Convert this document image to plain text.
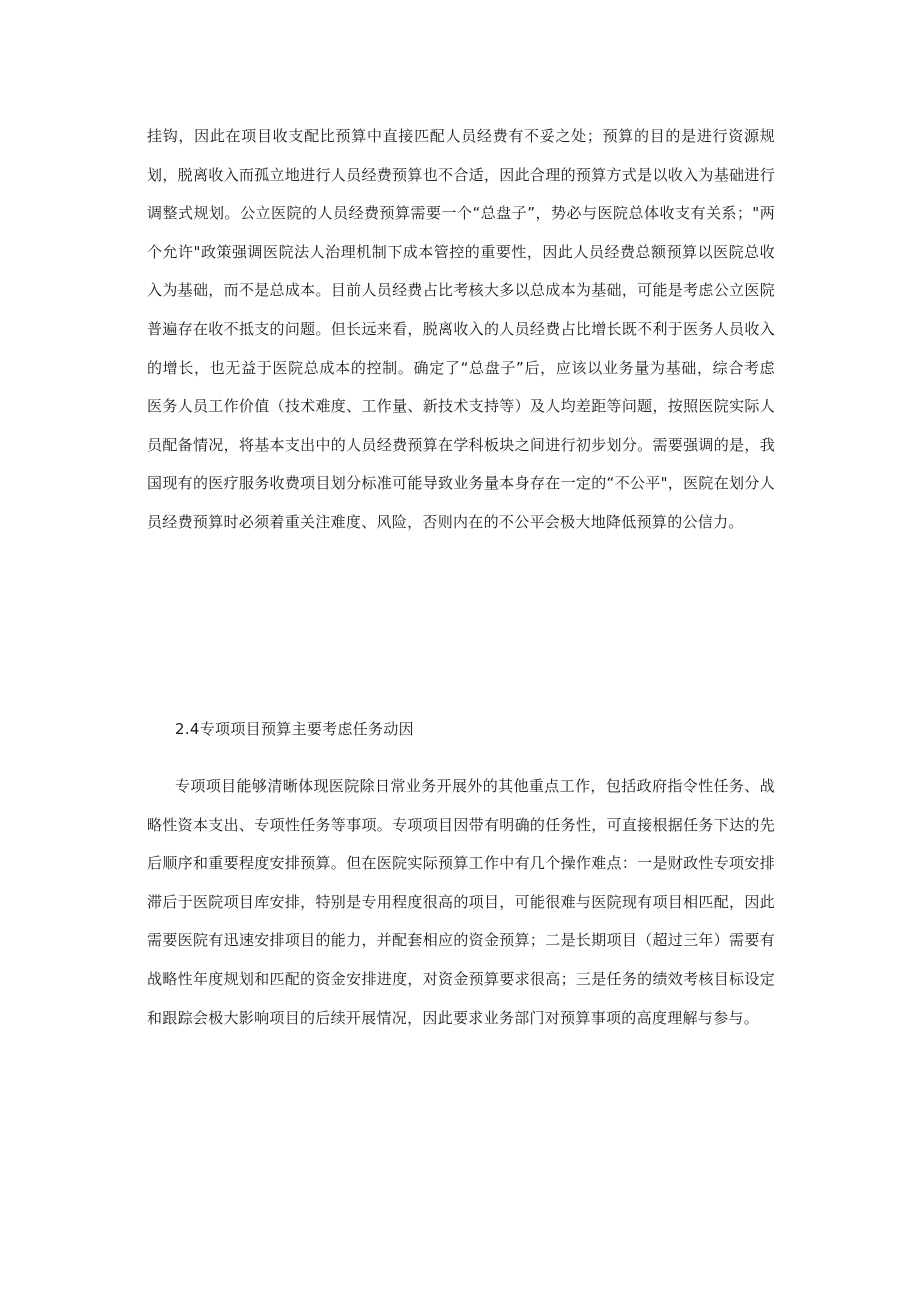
挂钩，因此在项目收支配比预算中直接匹配人员经费有不妥之处；预算的目的是进行资源规划，脱离收入而孤立地进行人员经费预算也不合适，因此合理的预算方式是以收入为基础进行调整式规划。公立医院的人员经费预算需要一个“总盘子”，势必与医院总体收支有关系；"两个允许"政策强调医院法人治理机制下成本管控的重要性，因此人员经费总额预算以医院总收入为基础，而不是总成本。目前人员经费占比考核大多以总成本为基础，可能是考虑公立医院普遍存在收不抵支的问题。但长远来看，脱离收入的人员经费占比增长既不利于医务人员收入的增长，也无益于医院总成本的控制。确定了“总盘子”后，应该以业务量为基础，综合考虑医务人员工作价值（技术难度、工作量、新技术支持等）及人均差距等问题，按照医院实际人员配备情况，将基本支出中的人员经费预算在学科板块之间进行初步划分。需要强调的是，我国现有的医疗服务收费项目划分标准可能导致业务量本身存在一定的“不公平"，医院在划分人员经费预算时必须着重关注难度、风险，否则内在的不公平会极大地降低预算的公信力。

2.4专项项目预算主要考虑任务动因

专项项目能够清晰体现医院除日常业务开展外的其他重点工作，包括政府指令性任务、战略性资本支出、专项性任务等事项。专项项目因带有明确的任务性，可直接根据任务下达的先后顺序和重要程度安排预算。但在医院实际预算工作中有几个操作难点：一是财政性专项安排滞后于医院项目库安排，特别是专用程度很高的项目，可能很难与医院现有项目相匹配，因此需要医院有迅速安排项目的能力，并配套相应的资金预算；二是长期项目（超过三年）需要有战略性年度规划和匹配的资金安排进度，对资金预算要求很高；三是任务的绩效考核目标设定和跟踪会极大影响项目的后续开展情况，因此要求业务部门对预算事项的高度理解与参与。
